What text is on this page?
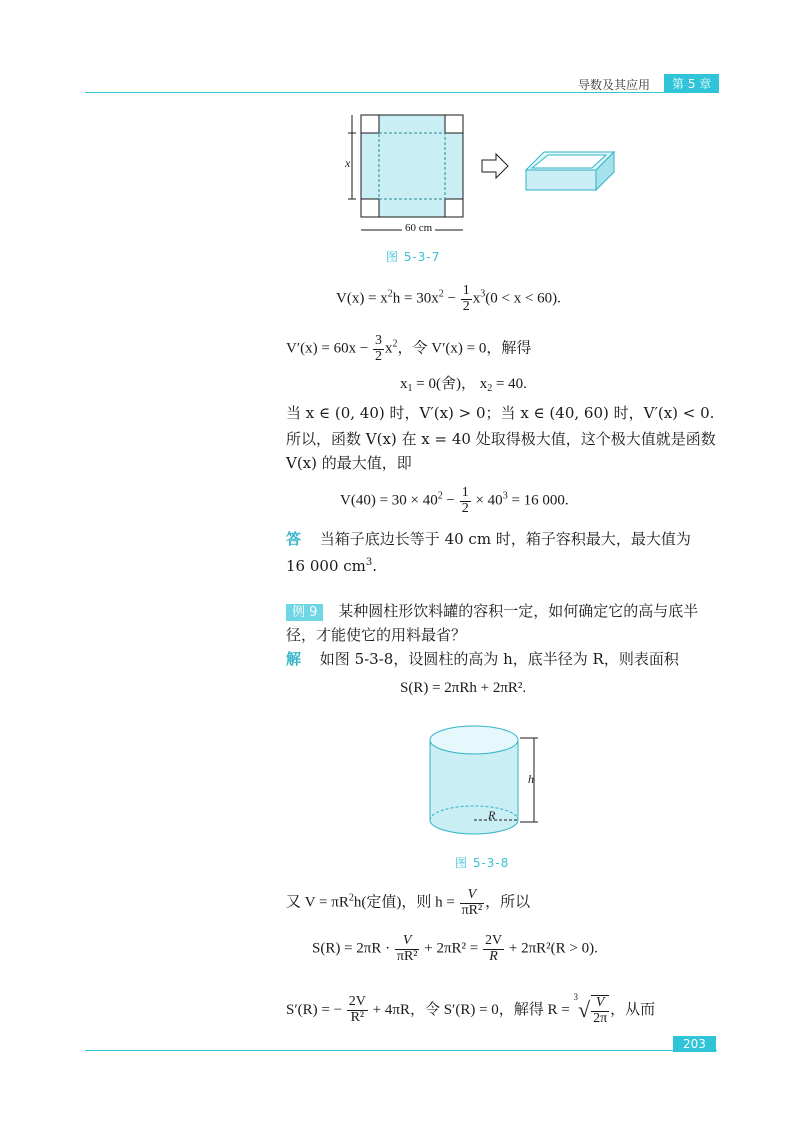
导数及其应用	第 5 章
x
60 cm
图 5-3-7
$V(x) = x^2h = 30x^2 - \frac{1}{2} x^3(0 < x < 60)$.
$V'(x) = 60x - \frac{3}{2} x^2$，令 V′(x) = 0，解得
$x_1 = 0$(舍)， $x_2 = 40$.
当 x ∈ (0, 40) 时，V′(x) > 0；当 x ∈ (40, 60) 时，V′(x) < 0.
所以，函数 V(x) 在 x = 40 处取得极大值，这个极大值就是函数
V(x) 的最大值，即
$V(40) = 30 \times 40^2 - \frac{1}{2} \times 40^3 = 16$ 000.
答 当箱子底边长等于 40 cm 时，箱子容积最大，最大值为
16 000 $cm^3$.
例 9 某种圆柱形饮料罐的容积一定，如何确定它的高与底半
径，才能使它的用料最省？
解 如图 5-3-8，设圆柱的高为 h，底半径为 R，则表面积
S(R) = 2πRh + 2πR².
h
R
图 5-3-8
又 $V = \pi R^2h$(定值)，则 $h = \frac{V}{\text{πR²}}$ ，所以
$S(R) = 2\pi R \cdot \frac{V}{\text{πR²}} + 2\pi R^2 = \frac{2V}{R} + 2\pi R^2(R > 0)$.
S′(R) = − $\frac{2V}{\text{R²}} + 4\pi R$，令 S′(R) = 0，解得 $R = ^3√ \frac{V}{2\pi}$ ，从而
203
